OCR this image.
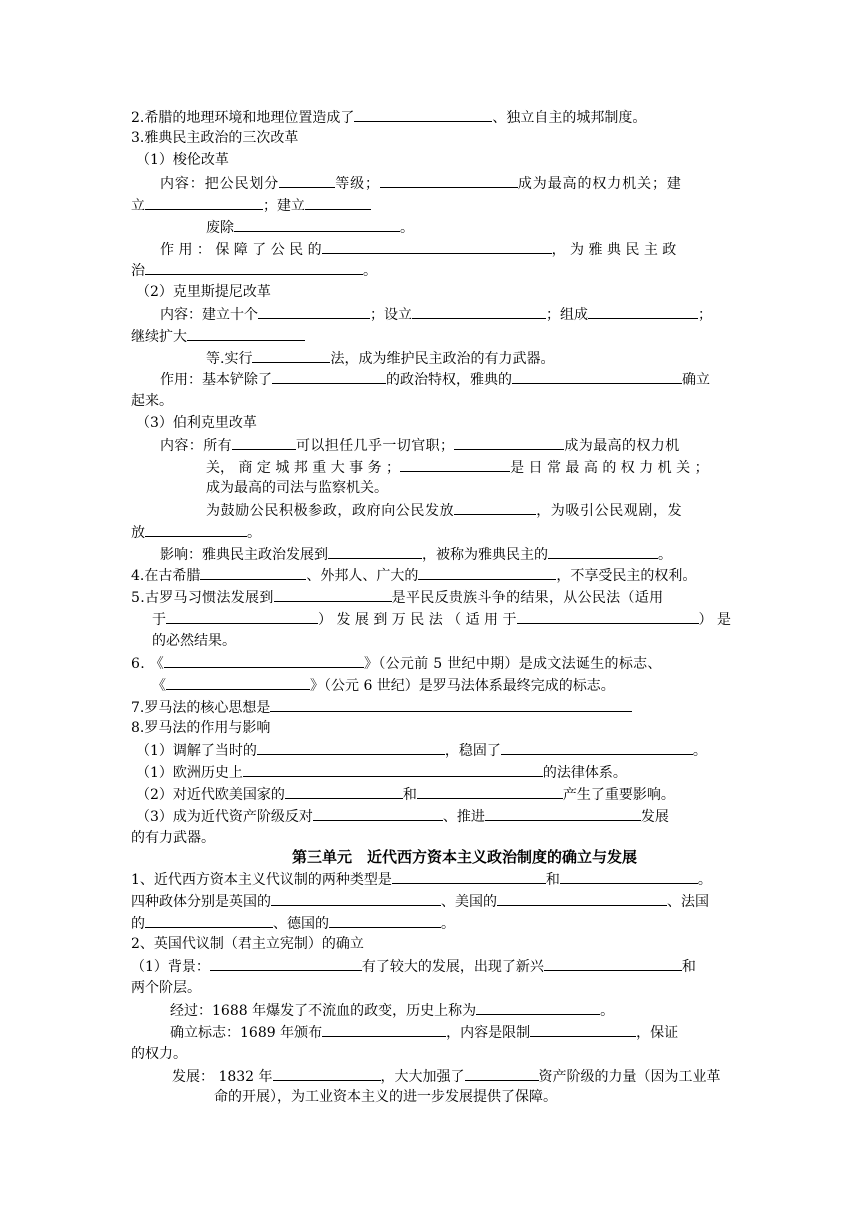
2.希腊的地理环境和地理位置造成了	、独立自主的城邦制度。
3.雅典民主政治的三次改革
（1）梭伦改革
内容：把公民划分	等级；	成为最高的权力机关；建
立	；建立
废除	。
作 用 ： 保 障 了 公 民 的	， 为 雅 典 民 主 政
治	。
（2）克里斯提尼改革
内容：建立十个	；设立	；组成	；
继续扩大
等.实行	法，成为维护民主政治的有力武器。
作用：基本铲除了	的政治特权，雅典的	确立
起来。
（3）伯利克里改革
内容：所有	可以担任几乎一切官职；	成为最高的权力机
关， 商 定 城 邦 重 大 事 务 ；	是 日 常 最 高 的 权 力 机 关 ；
成为最高的司法与监察机关。
为鼓励公民积极参政，政府向公民发放	，为吸引公民观剧，发
放	。
影响：雅典民主政治发展到	，被称为雅典民主的	。
4.在古希腊	、外邦人、广大的	，不享受民主的权利。
5.古罗马习惯法发展到	是平民反贵族斗争的结果，从公民法（适用
于	） 发 展 到 万 民 法 （ 适 用 于	） 是
的必然结果。
6. 《	》（公元前 5 世纪中期）是成文法诞生的标志、
《	》（公元 6 世纪）是罗马法体系最终完成的标志。
7.罗马法的核心思想是
8.罗马法的作用与影响
（1）调解了当时的	，稳固了	。
（1）欧洲历史上	的法律体系。
（2）对近代欧美国家的	和	产生了重要影响。
（3）成为近代资产阶级反对	、推进	发展
的有力武器。
第三单元　近代西方资本主义政治制度的确立与发展
1、近代西方资本主义代议制的两种类型是	和	。
四种政体分别是英国的	、美国的	、法国
的	、德国的	。
2、英国代议制（君主立宪制）的确立
（1）背景：	有了较大的发展，出现了新兴	和
两个阶层。
经过：1688 年爆发了不流血的政变，历史上称为	。
确立标志：1689 年颁布	，内容是限制	，保证
的权力。
发展： 1832 年	，大大加强了	资产阶级的力量（因为工业革
命的开展），为工业资本主义的进一步发展提供了保障。
